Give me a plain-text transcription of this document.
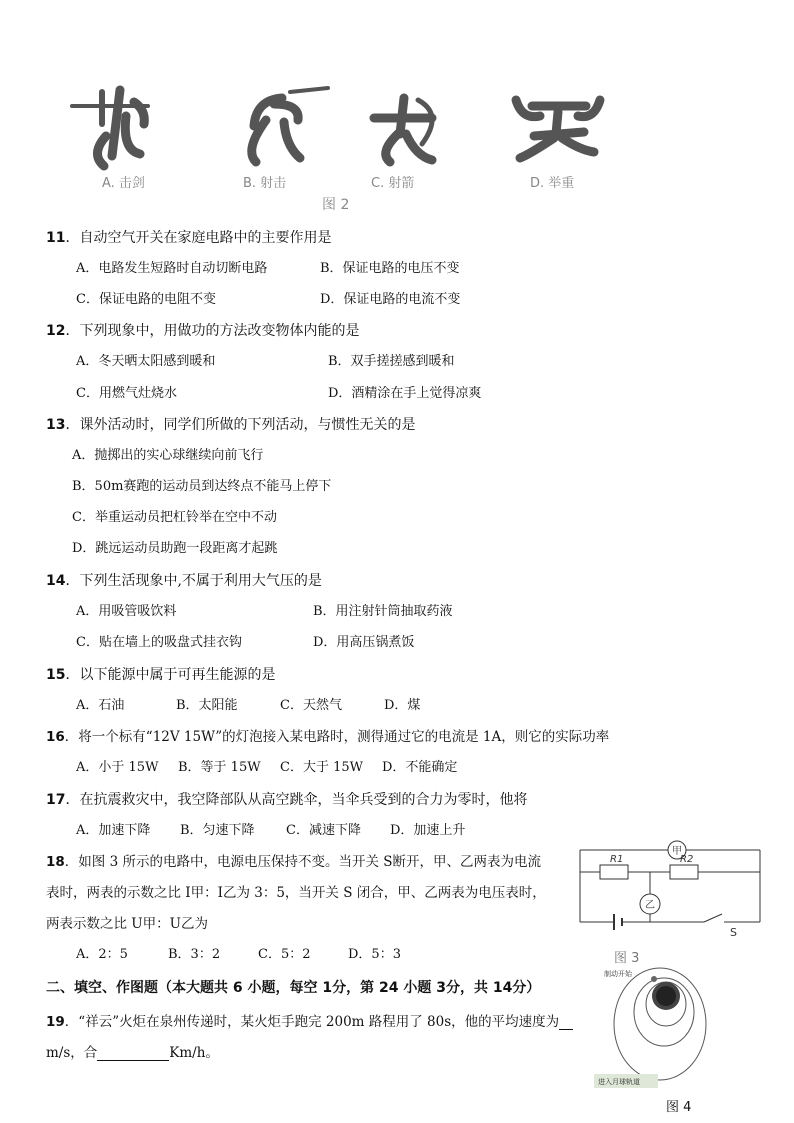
A. 击剑	B. 射击	C. 射箭	D. 举重
图 2
11．自动空气开关在家庭电路中的主要作用是
A．电路发生短路时自动切断电路	B．保证电路的电压不变
C．保证电路的电阻不变	D．保证电路的电流不变
12．下列现象中，用做功的方法改变物体内能的是
A．冬天晒太阳感到暖和	B．双手搓搓感到暖和
C．用燃气灶烧水	D．酒精涂在手上觉得凉爽
13．课外活动时，同学们所做的下列活动，与惯性无关的是
A．抛掷出的实心球继续向前飞行
B．50m赛跑的运动员到达终点不能马上停下
C．举重运动员把杠铃举在空中不动
D．跳远运动员助跑一段距离才起跳
14．下列生活现象中,不属于利用大气压的是
A．用吸管吸饮料	B．用注射针筒抽取药液
C．贴在墙上的吸盘式挂衣钩	D．用高压锅煮饭
15．以下能源中属于可再生能源的是
A．石油	B．太阳能	C．天然气	D．煤
16．将一个标有“12V 15W”的灯泡接入某电路时，测得通过它的电流是 1A，则它的实际功率
A．小于 15W B．等于 15W C．大于 15W D．不能确定
17．在抗震救灾中，我空降部队从高空跳伞，当伞兵受到的合力为零时，他将
A．加速下降 B．匀速下降 C．减速下降 D．加速上升
18．如图 3 所示的电路中，电源电压保持不变。当开关 S断开，甲、乙两表为电流
表时，两表的示数之比 I甲：I乙为 3：5，当开关 S 闭合，甲、乙两表为电压表时，
两表示数之比 U甲：U乙为
A．2：5	B．3：2	C．5：2	D．5：3
二、填空、作图题（本大题共 6 小题，每空 1分，第 24 小题 3分，共 14分）
19．“祥云”火炬在泉州传递时，某火炬手跑完 200m 路程用了 80s，他的平均速度为
m/s，合	Km/h。
甲
乙
R1	R2
S
图 3
制动开始
进入月球轨道
图 4
